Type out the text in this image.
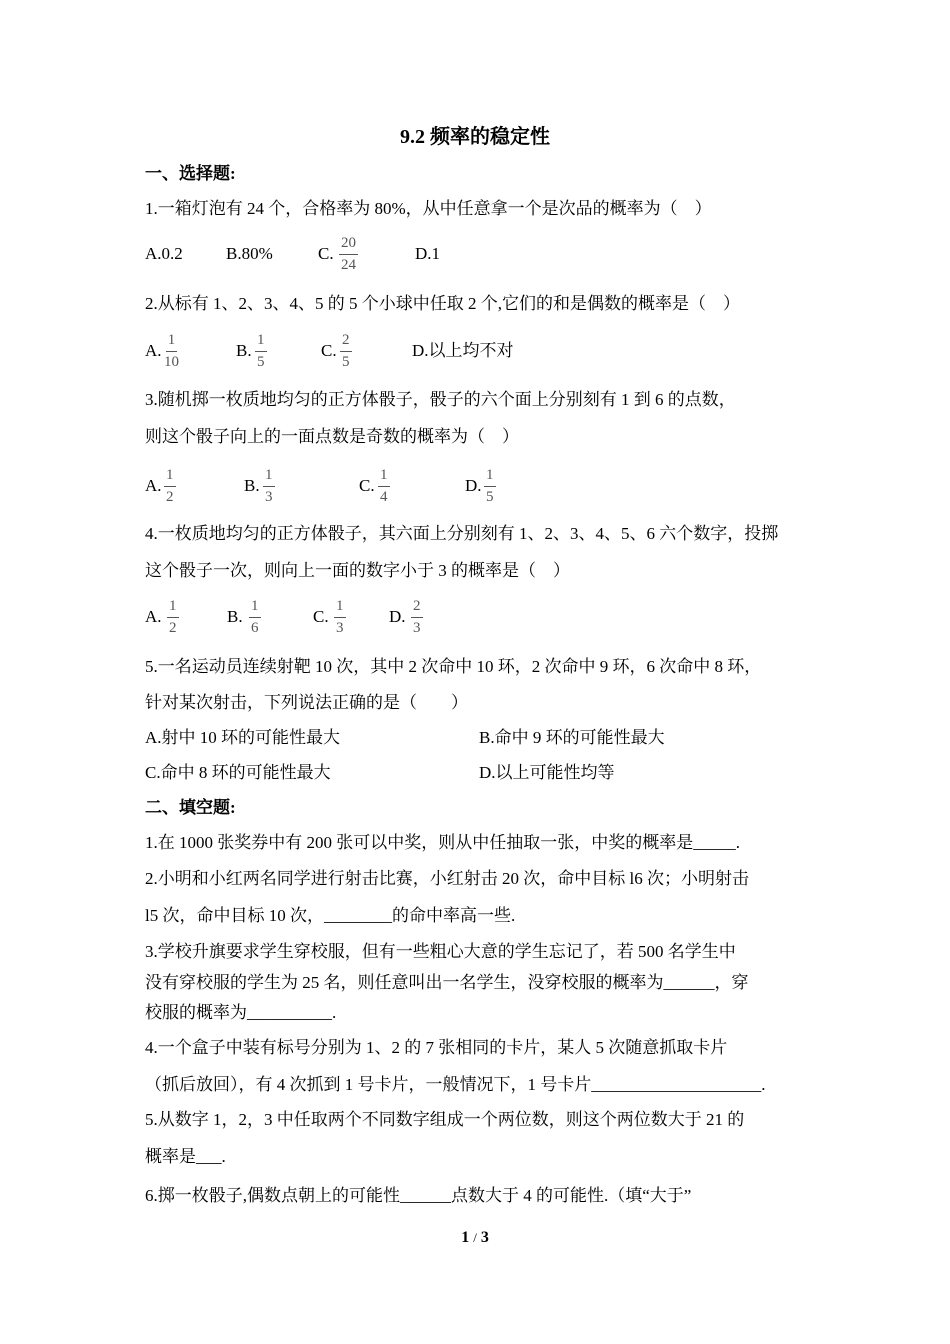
9.2 频率的稳定性
一、选择题:
1.一箱灯泡有 24 个，合格率为 80%，从中任意拿一个是次品的概率为（　）
A.0.2	B.80%	C. $\frac{20}{24}$	D.1
2.从标有 1、2、3、4、5 的 5 个小球中任取 2 个,它们的和是偶数的概率是（　）
A. $\frac{1}{10}$	B. $\frac{1}{5}$	C. $\frac{2}{5}$	D.以上均不对
3.随机掷一枚质地均匀的正方体骰子，骰子的六个面上分别刻有 1 到 6 的点数，
则这个骰子向上的一面点数是奇数的概率为（　）
A. $\frac{1}{2}$	B. $\frac{1}{3}$	C. $\frac{1}{4}$	D. $\frac{1}{5}$
4.一枚质地均匀的正方体骰子，其六面上分别刻有 1、2、3、4、5、6 六个数字，投掷
这个骰子一次，则向上一面的数字小于 3 的概率是（　）
A. $\frac{1}{2}$	B. $\frac{1}{6}$	C. $\frac{1}{3}$	D. $\frac{2}{3}$
5.一名运动员连续射靶 10 次，其中 2 次命中 10 环，2 次命中 9 环，6 次命中 8 环，
针对某次射击，下列说法正确的是（　　）
A.射中 10 环的可能性最大	B.命中 9 环的可能性最大
C.命中 8 环的可能性最大	D.以上可能性均等
二、填空题:
1.在 1000 张奖券中有 200 张可以中奖，则从中任抽取一张，中奖的概率是_____.
2.小明和小红两名同学进行射击比赛，小红射击 20 次，命中目标 l6 次；小明射击
l5 次，命中目标 10 次，________的命中率高一些.
3.学校升旗要求学生穿校服，但有一些粗心大意的学生忘记了，若 500 名学生中
没有穿校服的学生为 25 名，则任意叫出一名学生，没穿校服的概率为______，穿
校服的概率为__________.
4.一个盒子中装有标号分别为 1、2 的 7 张相同的卡片，某人 5 次随意抓取卡片
（抓后放回），有 4 次抓到 1 号卡片，一般情况下，1 号卡片____________________.
5.从数字 1，2，3 中任取两个不同数字组成一个两位数，则这个两位数大于 21 的
概率是___.
1 / 3
6.掷一枚骰子,偶数点朝上的可能性______点数大于 4 的可能性.（填“大于”
